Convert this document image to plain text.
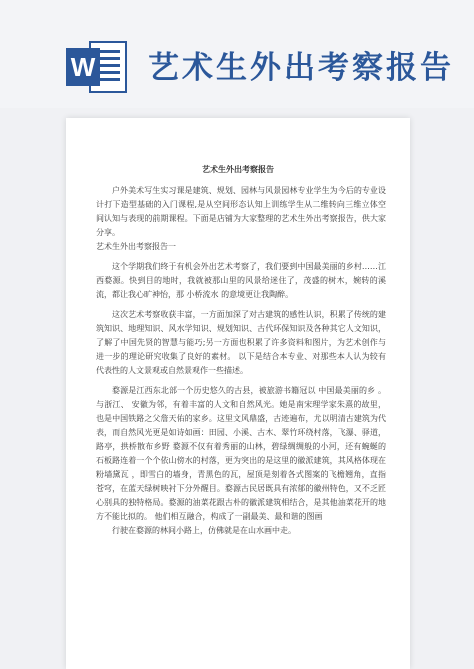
W 艺术生外出考察报告
艺术生外出考察报告

户外美术写生实习课是建筑、规划、园林与风景园林专业学生为今后的专业设计打下造型基础的入门课程,是从空间形态认知上训练学生从二维转向三维立体空间认知与表现的前期课程。下面是店铺为大家整理的艺术生外出考察报告，供大家分享。

艺术生外出考察报告一

这个学期我们终于有机会外出艺术考察了，我们要到中国最美丽的乡村……江西婺源。快到目的地时，我就被那山里的风景给迷住了，茂盛的树木，婉转的溪流，都让我心旷神怡，那 小桥流水 的意境更让我陶醉。

这次艺术考察收获丰富，一方面加深了对古建筑的感性认识，积累了传统的建筑知识、地理知识、风水学知识、规划知识、古代环保知识及各种其它人文知识，了解了中国先贤的智慧与能巧;另一方面也积累了许多资料和图片，为艺术创作与进一步的理论研究收集了良好的素材。 以下是结合本专业、对那些本人认为较有代表性的人文景观或自然景观作一些描述。

婺源是江西东北部一个历史悠久的古县，被旅游书籍冠以 中国最美丽的乡 。与浙江、 安徽为邻，有着丰富的人文和自然风光。她是南宋理学家朱熹的故里，也是中国铁路之父詹天佑的家乡。这里文风鼎盛，古迹遍布，尤以明清古建筑为代表，而自然风光更是如诗如画：田园、小溪、古木、翠竹环绕村落，飞瀑、驿道，路亭，拱桥散布乡野 婺源不仅有着秀丽的山林，碧绿绸绸般的小河，还有蜿蜒的石板路连着一个个依山傍水的村落，更为突出的是这里的徽派建筑，其风格体现在 粉墙黛瓦 ，即雪白的墙身，青黑色的瓦，屋顶是刻着各式图案的飞檐翘角，直指苍穹，在蓝天绿树映衬下分外醒目。婺源古民居既具有浓郁的徽州特色，又不乏匠心别具的独特格局。婺源的油菜花跟古朴的徽派建筑相结合，是其他油菜花开的地方不能比拟的。 他们相互融合，构成了一副最美、最和谐的图画

行驶在婺源的林间小路上，仿佛就是在山水画中走。
